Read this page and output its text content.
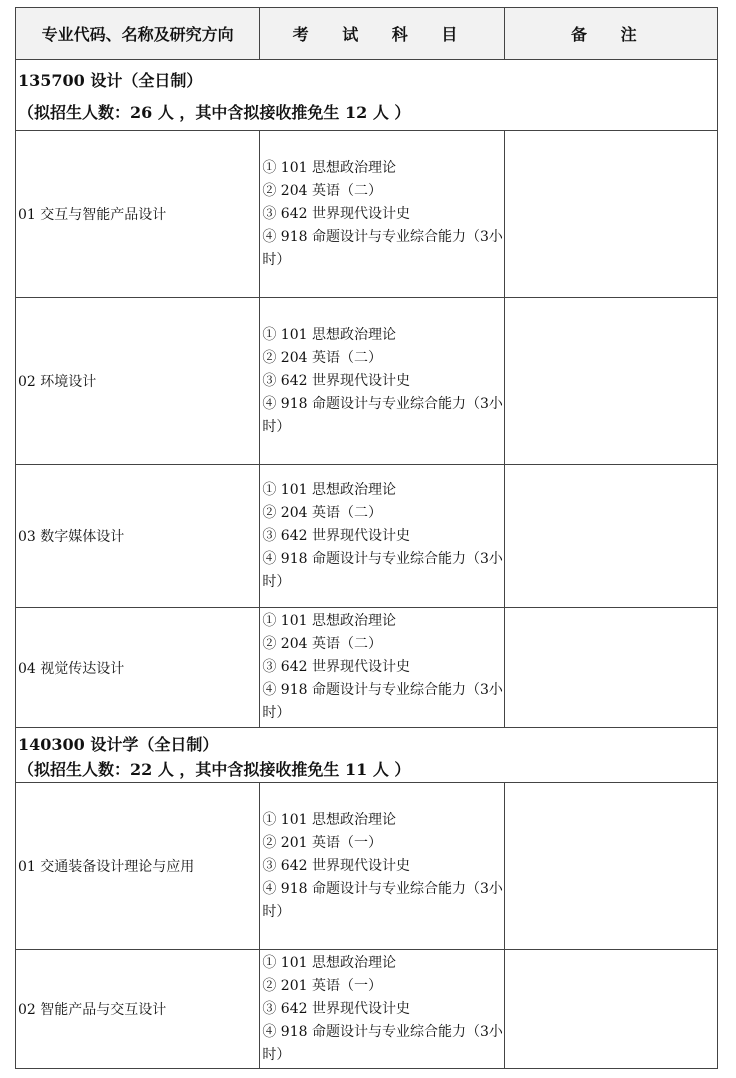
专业代码、名称及研究方向	考 试 科 目	备 注

135700 设计（全日制）
（拟招生人数：26 人 ，其中含拟接收推免生 12 人 ）		

01 交互与智能产品设计	① 101 思想政治理论
② 204 英语（二）
③ 642 世界现代设计史
④ 918 命题设计与专业综合能力（3小时）	

02 环境设计	① 101 思想政治理论
② 204 英语（二）
③ 642 世界现代设计史
④ 918 命题设计与专业综合能力（3小时）	

03 数字媒体设计	① 101 思想政治理论
② 204 英语（二）
③ 642 世界现代设计史
④ 918 命题设计与专业综合能力（3小时）	

04 视觉传达设计	① 101 思想政治理论
② 204 英语（二）
③ 642 世界现代设计史
④ 918 命题设计与专业综合能力（3小时）	

140300 设计学（全日制）
（拟招生人数：22 人 ，其中含拟接收推免生 11 人 ）		

01 交通装备设计理论与应用	① 101 思想政治理论
② 201 英语（一）
③ 642 世界现代设计史
④ 918 命题设计与专业综合能力（3小时）	

02 智能产品与交互设计	① 101 思想政治理论
② 201 英语（一）
③ 642 世界现代设计史
④ 918 命题设计与专业综合能力（3小时）	
